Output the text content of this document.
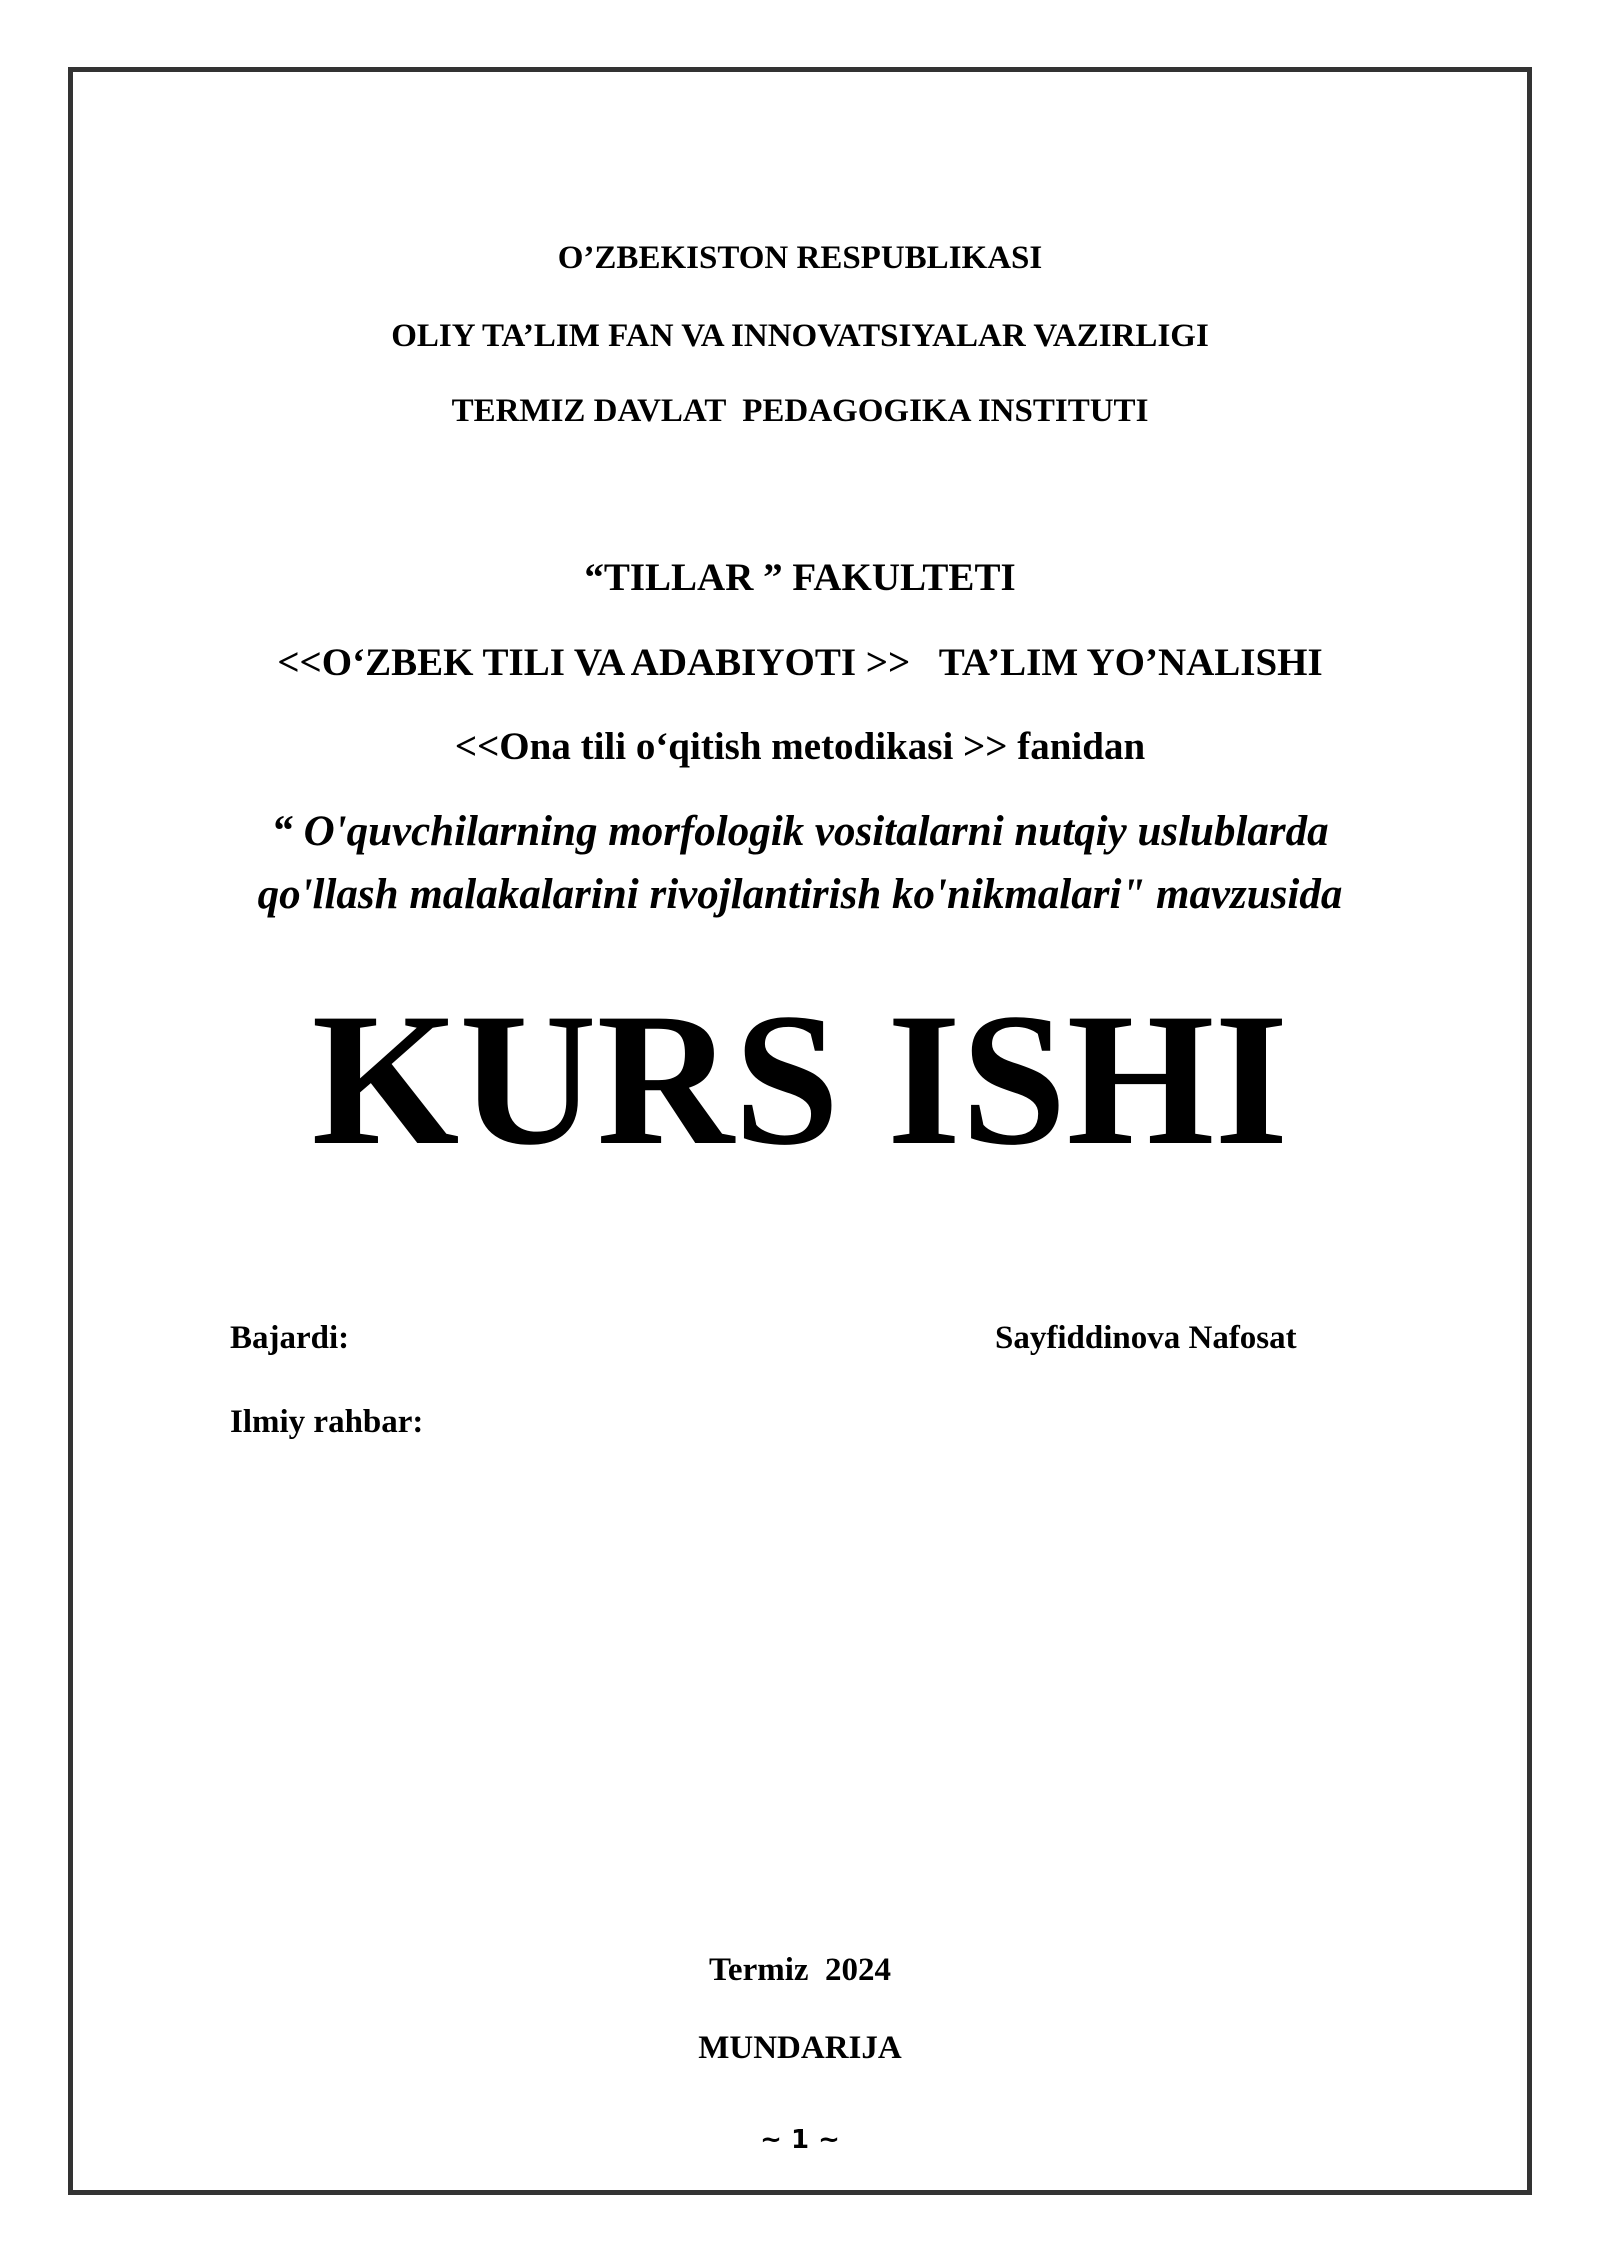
O’ZBEKISTON RESPUBLIKASI
OLIY TA’LIM FAN VA INNOVATSIYALAR VAZIRLIGI
TERMIZ DAVLAT  PEDAGOGIKA INSTITUTI
“TILLAR ” FAKULTETI
<<O‘ZBEK TILI VA ADABIYOTI >>   TA’LIM YO’NALISHI
<<Ona tili o‘qitish metodikasi >> fanidan
“ O'quvchilarning morfologik vositalarni nutqiy uslublarda
qo'llash malakalarini rivojlantirish ko'nikmalari" mavzusida
KURS ISHI
Bajardi:	Sayfiddinova Nafosat
Ilmiy rahbar:
Termiz  2024
MUNDARIJA
~ 1 ~
